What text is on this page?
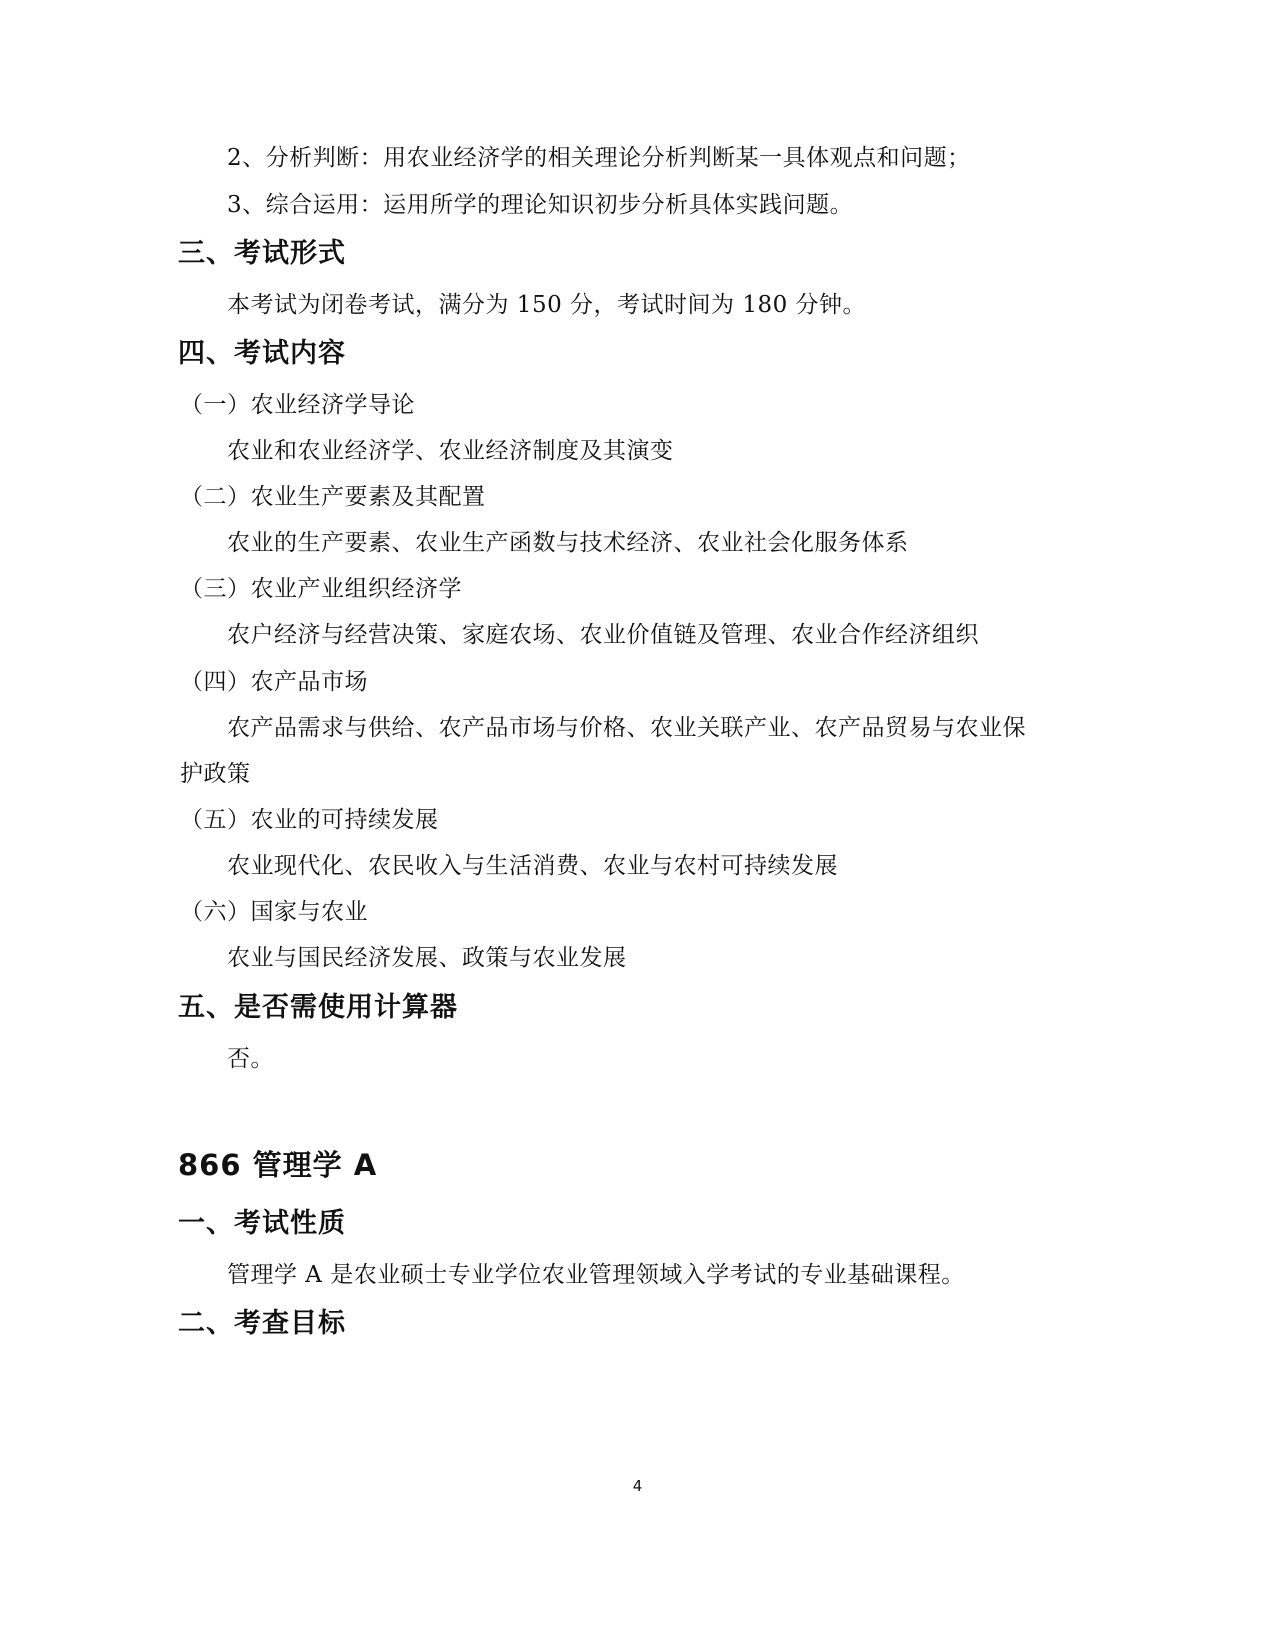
2、分析判断：用农业经济学的相关理论分析判断某一具体观点和问题；
3、综合运用：运用所学的理论知识初步分析具体实践问题。
三、考试形式
本考试为闭卷考试，满分为 150 分，考试时间为 180 分钟。
四、考试内容
（一）农业经济学导论
农业和农业经济学、农业经济制度及其演变
（二）农业生产要素及其配置
农业的生产要素、农业生产函数与技术经济、农业社会化服务体系
（三）农业产业组织经济学
农户经济与经营决策、家庭农场、农业价值链及管理、农业合作经济组织
（四）农产品市场
农产品需求与供给、农产品市场与价格、农业关联产业、农产品贸易与农业保
护政策
（五）农业的可持续发展
农业现代化、农民收入与生活消费、农业与农村可持续发展
（六）国家与农业
农业与国民经济发展、政策与农业发展
五、是否需使用计算器
否。
866 管理学 A
一、考试性质
管理学 A 是农业硕士专业学位农业管理领域入学考试的专业基础课程。
二、考查目标
4
